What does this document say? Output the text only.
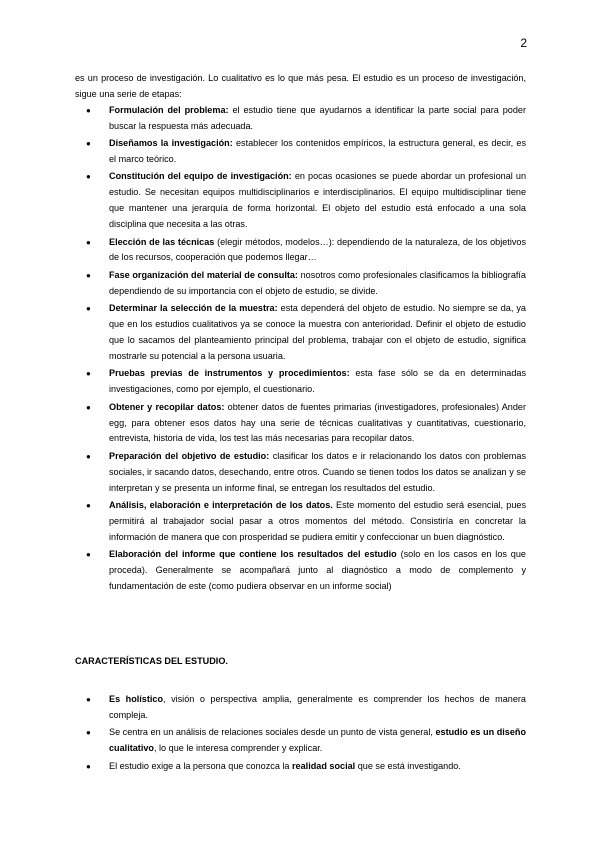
2

es un proceso de investigación. Lo cualitativo es lo que más pesa. El estudio es un proceso de investigación, sigue una serie de etapas:

● Formulación del problema: el estudio tiene que ayudarnos a identificar la parte social para poder buscar la respuesta más adecuada.
● Diseñamos la investigación: establecer los contenidos empíricos, la estructura general, es decir, es el marco teórico.
● Constitución del equipo de investigación: en pocas ocasiones se puede abordar un profesional un estudio. Se necesitan equipos multidisciplinarios e interdisciplinarios. El equipo multidisciplinar tiene que mantener una jerarquía de forma horizontal. El objeto del estudio está enfocado a una sola disciplina que necesita a las otras.
● Elección de las técnicas (elegir métodos, modelos…): dependiendo de la naturaleza, de los objetivos de los recursos, cooperación que podemos llegar…
● Fase organización del material de consulta: nosotros como profesionales clasificamos la bibliografía dependiendo de su importancia con el objeto de estudio, se divide.
● Determinar la selección de la muestra: esta dependerá del objeto de estudio. No siempre se da, ya que en los estudios cualitativos ya se conoce la muestra con anterioridad. Definir el objeto de estudio que lo sacamos del planteamiento principal del problema, trabajar con el objeto de estudio, significa mostrarle su potencial a la persona usuaria.
● Pruebas previas de instrumentos y procedimientos: esta fase sólo se da en determinadas investigaciones, como por ejemplo, el cuestionario.
● Obtener y recopilar datos: obtener datos de fuentes primarias (investigadores, profesionales) Ander egg, para obtener esos datos hay una serie de técnicas cualitativas y cuantitativas, cuestionario, entrevista, historia de vida, los test las más necesarias para recopilar datos.
● Preparación del objetivo de estudio: clasificar los datos e ir relacionando los datos con problemas sociales, ir sacando datos, desechando, entre otros. Cuando se tienen todos los datos se analizan y se interpretan y se presenta un informe final, se entregan los resultados del estudio.
● Análisis, elaboración e interpretación de los datos. Este momento del estudio será esencial, pues permitirá al trabajador social pasar a otros momentos del método. Consistiría en concretar la información de manera que con prosperidad se pudiera emitir y confeccionar un buen diagnóstico.
● Elaboración del informe que contiene los resultados del estudio (solo en los casos en los que proceda). Generalmente se acompañará junto al diagnóstico a modo de complemento y fundamentación de este (como pudiera observar en un informe social)
CARACTERÍSTICAS DEL ESTUDIO.
● Es holístico, visión o perspectiva amplia, generalmente es comprender los hechos de manera compleja.
● Se centra en un análisis de relaciones sociales desde un punto de vista general, estudio es un diseño cualitativo, lo que le interesa comprender y explicar.
● El estudio exige a la persona que conozca la realidad social que se está investigando.
